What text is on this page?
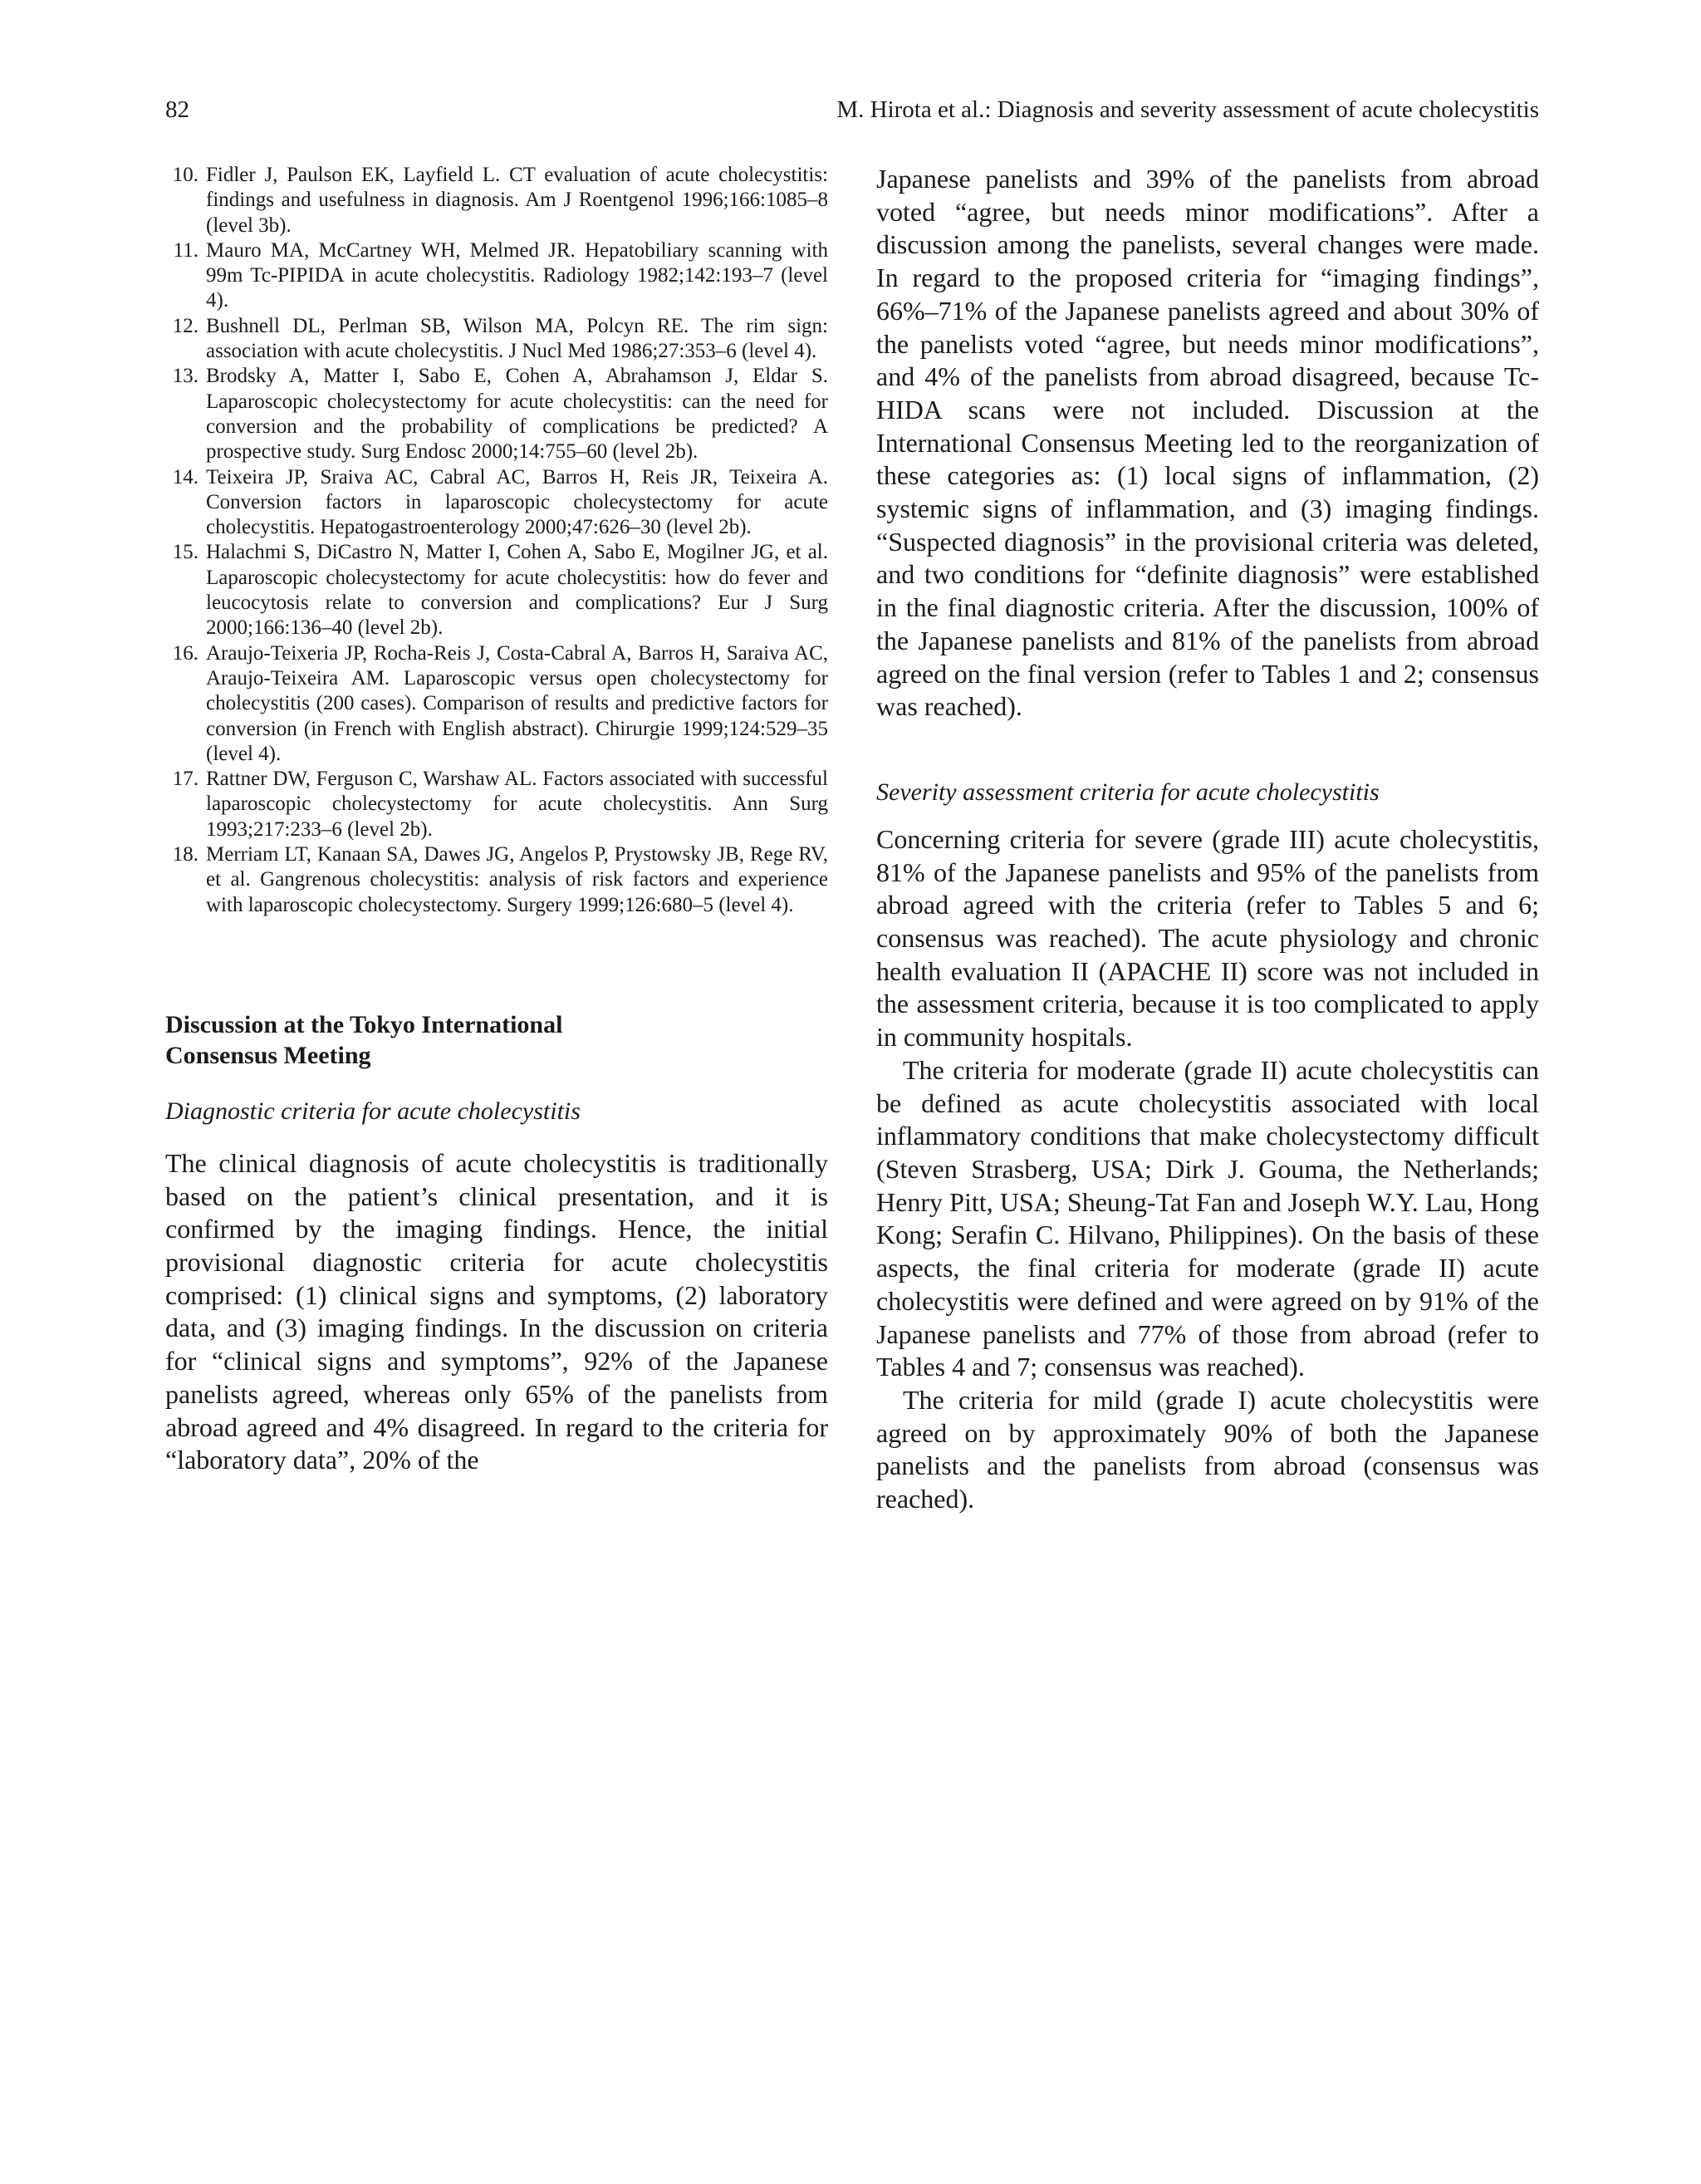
82	M. Hirota et al.: Diagnosis and severity assessment of acute cholecystitis
10. Fidler J, Paulson EK, Layfield L. CT evaluation of acute cholecystitis: findings and usefulness in diagnosis. Am J Roentgenol 1996;166:1085–8 (level 3b).
11. Mauro MA, McCartney WH, Melmed JR. Hepatobiliary scanning with 99m Tc-PIPIDA in acute cholecystitis. Radiology 1982;142:193–7 (level 4).
12. Bushnell DL, Perlman SB, Wilson MA, Polcyn RE. The rim sign: association with acute cholecystitis. J Nucl Med 1986;27:353–6 (level 4).
13. Brodsky A, Matter I, Sabo E, Cohen A, Abrahamson J, Eldar S. Laparoscopic cholecystectomy for acute cholecystitis: can the need for conversion and the probability of complications be predicted? A prospective study. Surg Endosc 2000;14:755–60 (level 2b).
14. Teixeira JP, Sraiva AC, Cabral AC, Barros H, Reis JR, Teixeira A. Conversion factors in laparoscopic cholecystectomy for acute cholecystitis. Hepatogastroenterology 2000;47:626–30 (level 2b).
15. Halachmi S, DiCastro N, Matter I, Cohen A, Sabo E, Mogilner JG, et al. Laparoscopic cholecystectomy for acute cholecystitis: how do fever and leucocytosis relate to conversion and complications? Eur J Surg 2000;166:136–40 (level 2b).
16. Araujo-Teixeria JP, Rocha-Reis J, Costa-Cabral A, Barros H, Saraiva AC, Araujo-Teixeira AM. Laparoscopic versus open cholecystectomy for cholecystitis (200 cases). Comparison of results and predictive factors for conversion (in French with English abstract). Chirurgie 1999;124:529–35 (level 4).
17. Rattner DW, Ferguson C, Warshaw AL. Factors associated with successful laparoscopic cholecystectomy for acute cholecystitis. Ann Surg 1993;217:233–6 (level 2b).
18. Merriam LT, Kanaan SA, Dawes JG, Angelos P, Prystowsky JB, Rege RV, et al. Gangrenous cholecystitis: analysis of risk factors and experience with laparoscopic cholecystectomy. Surgery 1999;126:680–5 (level 4).
Discussion at the Tokyo International
Consensus Meeting
Diagnostic criteria for acute cholecystitis

The clinical diagnosis of acute cholecystitis is traditionally based on the patient’s clinical presentation, and it is confirmed by the imaging findings. Hence, the initial provisional diagnostic criteria for acute cholecystitis comprised: (1) clinical signs and symptoms, (2) laboratory data, and (3) imaging findings. In the discussion on criteria for “clinical signs and symptoms”, 92% of the Japanese panelists agreed, whereas only 65% of the panelists from abroad agreed and 4% disagreed. In regard to the criteria for “laboratory data”, 20% of the

Japanese panelists and 39% of the panelists from abroad voted “agree, but needs minor modifications”. After a discussion among the panelists, several changes were made. In regard to the proposed criteria for “imaging findings”, 66%–71% of the Japanese panelists agreed and about 30% of the panelists voted “agree, but needs minor modifications”, and 4% of the panelists from abroad disagreed, because Tc-HIDA scans were not included. Discussion at the International Consensus Meeting led to the reorganization of these categories as: (1) local signs of inflammation, (2) systemic signs of inflammation, and (3) imaging findings. “Suspected diagnosis” in the provisional criteria was deleted, and two conditions for “definite diagnosis” were established in the final diagnostic criteria. After the discussion, 100% of the Japanese panelists and 81% of the panelists from abroad agreed on the final version (refer to Tables 1 and 2; consensus was reached).

Severity assessment criteria for acute cholecystitis

Concerning criteria for severe (grade III) acute cholecystitis, 81% of the Japanese panelists and 95% of the panelists from abroad agreed with the criteria (refer to Tables 5 and 6; consensus was reached). The acute physiology and chronic health evaluation II (APACHE II) score was not included in the assessment criteria, because it is too complicated to apply in community hospitals.

The criteria for moderate (grade II) acute cholecystitis can be defined as acute cholecystitis associated with local inflammatory conditions that make cholecystectomy difficult (Steven Strasberg, USA; Dirk J. Gouma, the Netherlands; Henry Pitt, USA; Sheung-Tat Fan and Joseph W.Y. Lau, Hong Kong; Serafin C. Hilvano, Philippines). On the basis of these aspects, the final criteria for moderate (grade II) acute cholecystitis were defined and were agreed on by 91% of the Japanese panelists and 77% of those from abroad (refer to Tables 4 and 7; consensus was reached).

The criteria for mild (grade I) acute cholecystitis were agreed on by approximately 90% of both the Japanese panelists and the panelists from abroad (consensus was reached).
